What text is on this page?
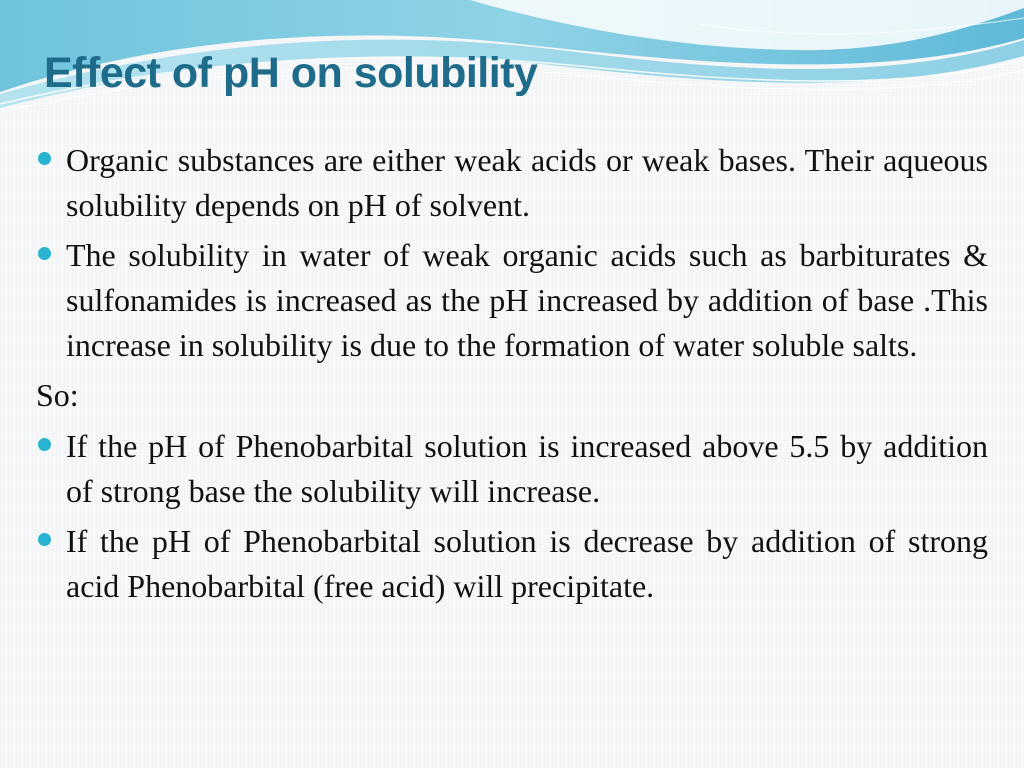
Effect of pH on solubility
Organic substances are either weak acids or weak bases. Their aqueous solubility depends on pH of solvent.
The solubility in water of weak organic acids such as barbiturates & sulfonamides is increased as the pH increased by addition of base .This increase in solubility is due to the formation of water soluble salts.
So:
If the pH of Phenobarbital solution is increased above 5.5 by addition of strong base the solubility will increase.
If the pH of Phenobarbital solution is decrease by addition of strong acid Phenobarbital (free acid) will precipitate.
